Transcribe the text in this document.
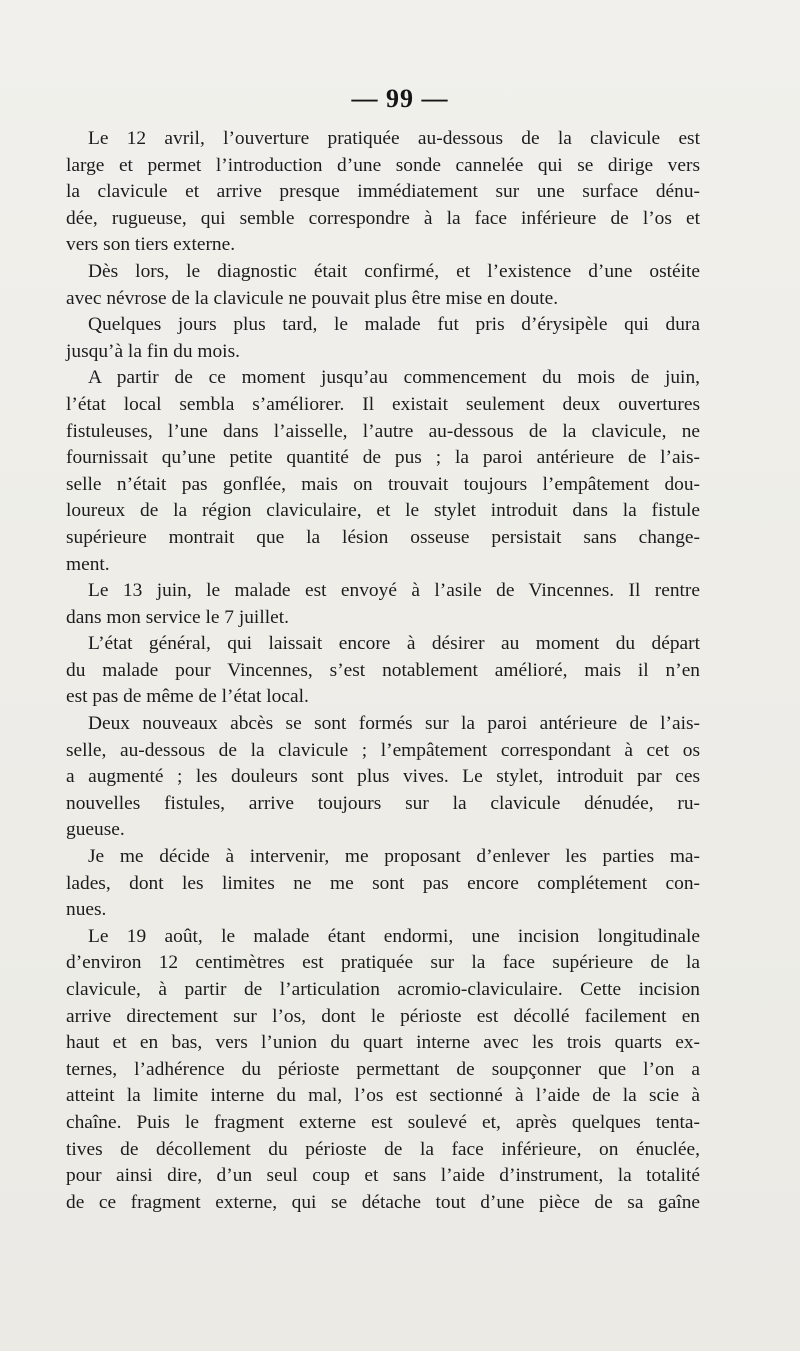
— 99 —
Le 12 avril, l’ouverture pratiquée au-dessous de la clavicule est
large et permet l’introduction d’une sonde cannelée qui se dirige vers
la clavicule et arrive presque immédiatement sur une surface dénu-
dée, rugueuse, qui semble correspondre à la face inférieure de l’os et
vers son tiers externe.
Dès lors, le diagnostic était confirmé, et l’existence d’une ostéite
avec névrose de la clavicule ne pouvait plus être mise en doute.
Quelques jours plus tard, le malade fut pris d’érysipèle qui dura
jusqu’à la fin du mois.
A partir de ce moment jusqu’au commencement du mois de juin,
l’état local sembla s’améliorer. Il existait seulement deux ouvertures
fistuleuses, l’une dans l’aisselle, l’autre au-dessous de la clavicule, ne
fournissait qu’une petite quantité de pus ; la paroi antérieure de l’ais-
selle n’était pas gonflée, mais on trouvait toujours l’empâtement dou-
loureux de la région claviculaire, et le stylet introduit dans la fistule
supérieure montrait que la lésion osseuse persistait sans change-
ment.
Le 13 juin, le malade est envoyé à l’asile de Vincennes. Il rentre
dans mon service le 7 juillet.
L’état général, qui laissait encore à désirer au moment du départ
du malade pour Vincennes, s’est notablement amélioré, mais il n’en
est pas de même de l’état local.
Deux nouveaux abcès se sont formés sur la paroi antérieure de l’ais-
selle, au-dessous de la clavicule ; l’empâtement correspondant à cet os
a augmenté ; les douleurs sont plus vives. Le stylet, introduit par ces
nouvelles fistules, arrive toujours sur la clavicule dénudée, ru-
gueuse.
Je me décide à intervenir, me proposant d’enlever les parties ma-
lades, dont les limites ne me sont pas encore complétement con-
nues.
Le 19 août, le malade étant endormi, une incision longitudinale
d’environ 12 centimètres est pratiquée sur la face supérieure de la
clavicule, à partir de l’articulation acromio-claviculaire. Cette incision
arrive directement sur l’os, dont le périoste est décollé facilement en
haut et en bas, vers l’union du quart interne avec les trois quarts ex-
ternes, l’adhérence du périoste permettant de soupçonner que l’on a
atteint la limite interne du mal, l’os est sectionné à l’aide de la scie à
chaîne. Puis le fragment externe est soulevé et, après quelques tenta-
tives de décollement du périoste de la face inférieure, on énuclée,
pour ainsi dire, d’un seul coup et sans l’aide d’instrument, la totalité
de ce fragment externe, qui se détache tout d’une pièce de sa gaîne
